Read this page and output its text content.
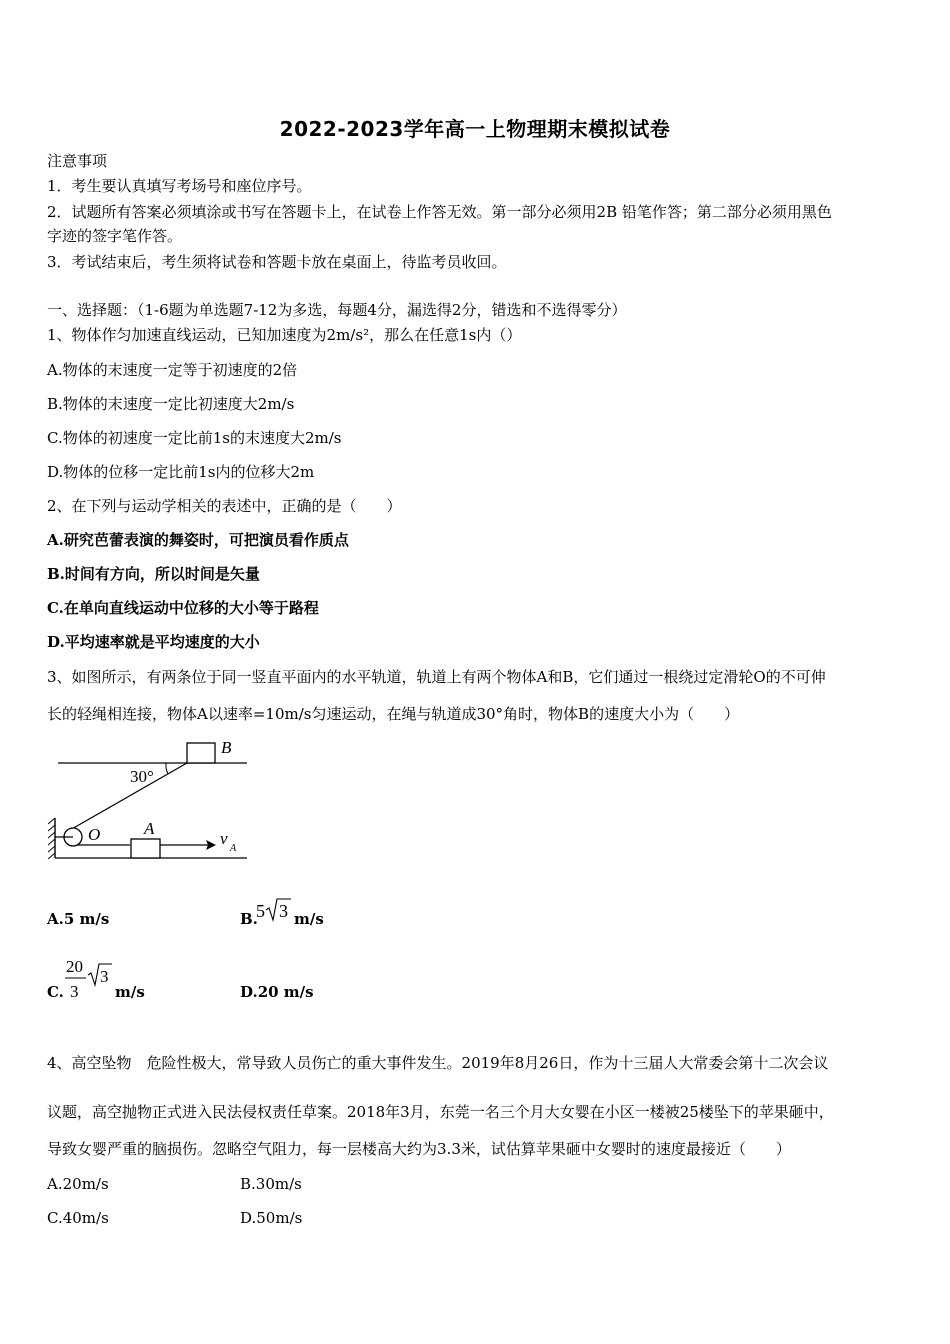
2022-2023学年高一上物理期末模拟试卷
注意事项
1．考生要认真填写考场号和座位序号。
2．试题所有答案必须填涂或书写在答题卡上，在试卷上作答无效。第一部分必须用2B 铅笔作答；第二部分必须用黑色
字迹的签字笔作答。
3．考试结束后，考生须将试卷和答题卡放在桌面上，待监考员收回。
一、选择题：（1-6题为单选题7-12为多选，每题4分，漏选得2分，错选和不选得零分）
1、物体作匀加速直线运动，已知加速度为2m/s²，那么在任意1s内（）
A.物体的末速度一定等于初速度的2倍
B.物体的末速度一定比初速度大2m/s
C.物体的初速度一定比前1s的末速度大2m/s
D.物体的位移一定比前1s内的位移大2m
2、在下列与运动学相关的表述中，正确的是（　　）
A.研究芭蕾表演的舞姿时，可把演员看作质点
B.时间有方向，所以时间是矢量
C.在单向直线运动中位移的大小等于路程
D.平均速率就是平均速度的大小
3、如图所示，有两条位于同一竖直平面内的水平轨道，轨道上有两个物体A和B，它们通过一根绕过定滑轮O的不可伸
长的轻绳相连接，物体A以速率=10m/s匀速运动，在绳与轨道成30°角时，物体B的速度大小为（　　）
B
30°
O	A
v
A
A.5 m/s	B.
5 3 m/s
C.
20
3
3
m/s	D.20 m/s
4、高空坠物　危险性极大，常导致人员伤亡的重大事件发生。2019年8月26日，作为十三届人大常委会第十二次会议
议题，高空抛物正式进入民法侵权责任草案。2018年3月，东莞一名三个月大女婴在小区一楼被25楼坠下的苹果砸中，
导致女婴严重的脑损伤。忽略空气阻力，每一层楼高大约为3.3米，试估算苹果砸中女婴时的速度最接近（　　）
A.20m/s	B.30m/s
C.40m/s	D.50m/s
